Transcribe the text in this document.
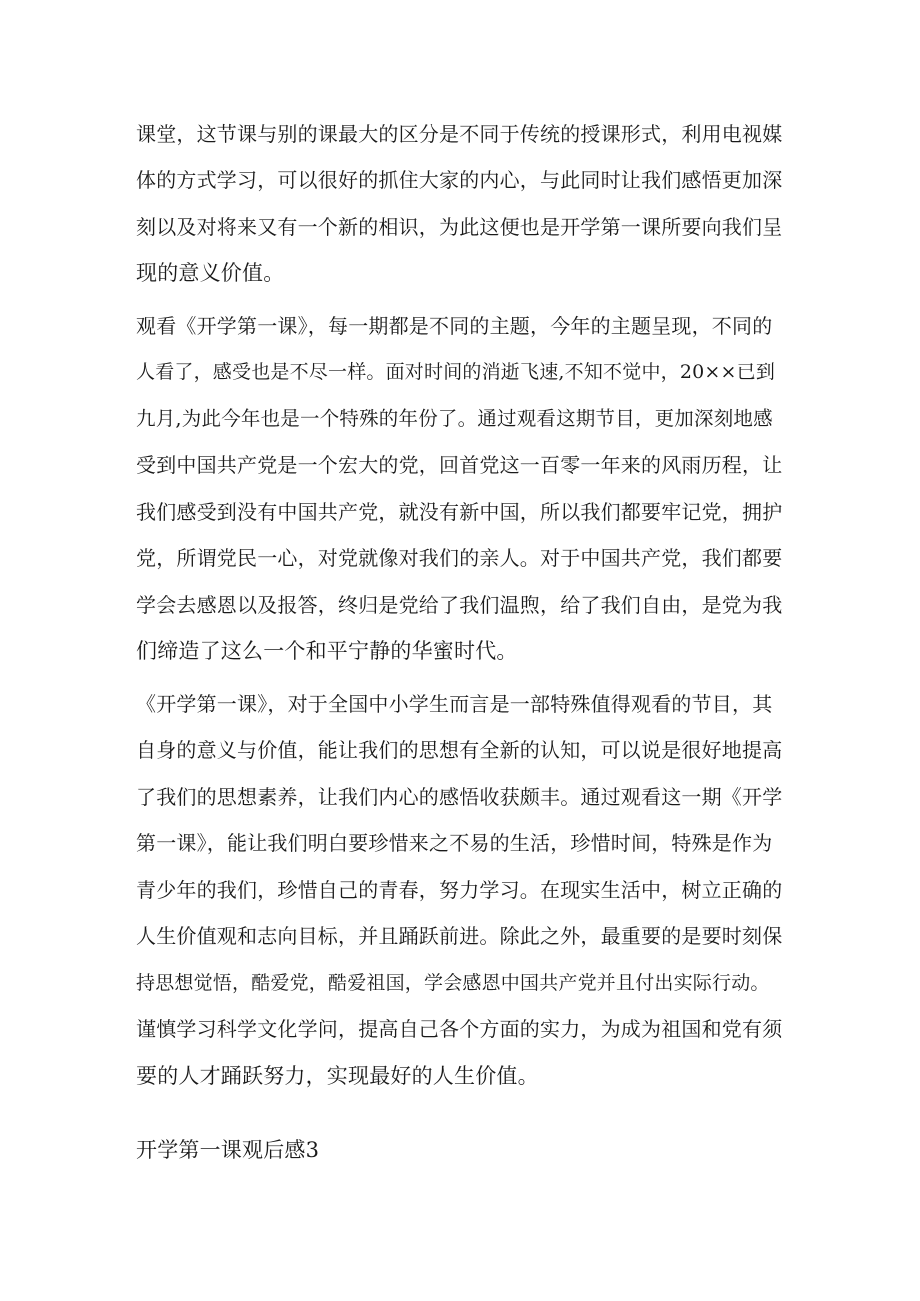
课堂，这节课与别的课最大的区分是不同于传统的授课形式，利用电视媒
体的方式学习，可以很好的抓住大家的内心，与此同时让我们感悟更加深
刻以及对将来又有一个新的相识，为此这便也是开学第一课所要向我们呈
现的意义价值。
观看《开学第一课》，每一期都是不同的主题，今年的主题呈现，不同的
人看了，感受也是不尽一样。面对时间的消逝飞速,不知不觉中，20××已到
九月,为此今年也是一个特殊的年份了。通过观看这期节目，更加深刻地感
受到中国共产党是一个宏大的党，回首党这一百零一年来的风雨历程，让
我们感受到没有中国共产党，就没有新中国，所以我们都要牢记党，拥护
党，所谓党民一心，对党就像对我们的亲人。对于中国共产党，我们都要
学会去感恩以及报答，终归是党给了我们温煦，给了我们自由，是党为我
们缔造了这么一个和平宁静的华蜜时代。
《开学第一课》，对于全国中小学生而言是一部特殊值得观看的节目，其
自身的意义与价值，能让我们的思想有全新的认知，可以说是很好地提高
了我们的思想素养，让我们内心的感悟收获颇丰。通过观看这一期《开学
第一课》，能让我们明白要珍惜来之不易的生活，珍惜时间，特殊是作为
青少年的我们，珍惜自己的青春，努力学习。在现实生活中，树立正确的
人生价值观和志向目标，并且踊跃前进。除此之外，最重要的是要时刻保
持思想觉悟，酷爱党，酷爱祖国，学会感恩中国共产党并且付出实际行动。
谨慎学习科学文化学问，提高自己各个方面的实力，为成为祖国和党有须
要的人才踊跃努力，实现最好的人生价值。
开学第一课观后感3
